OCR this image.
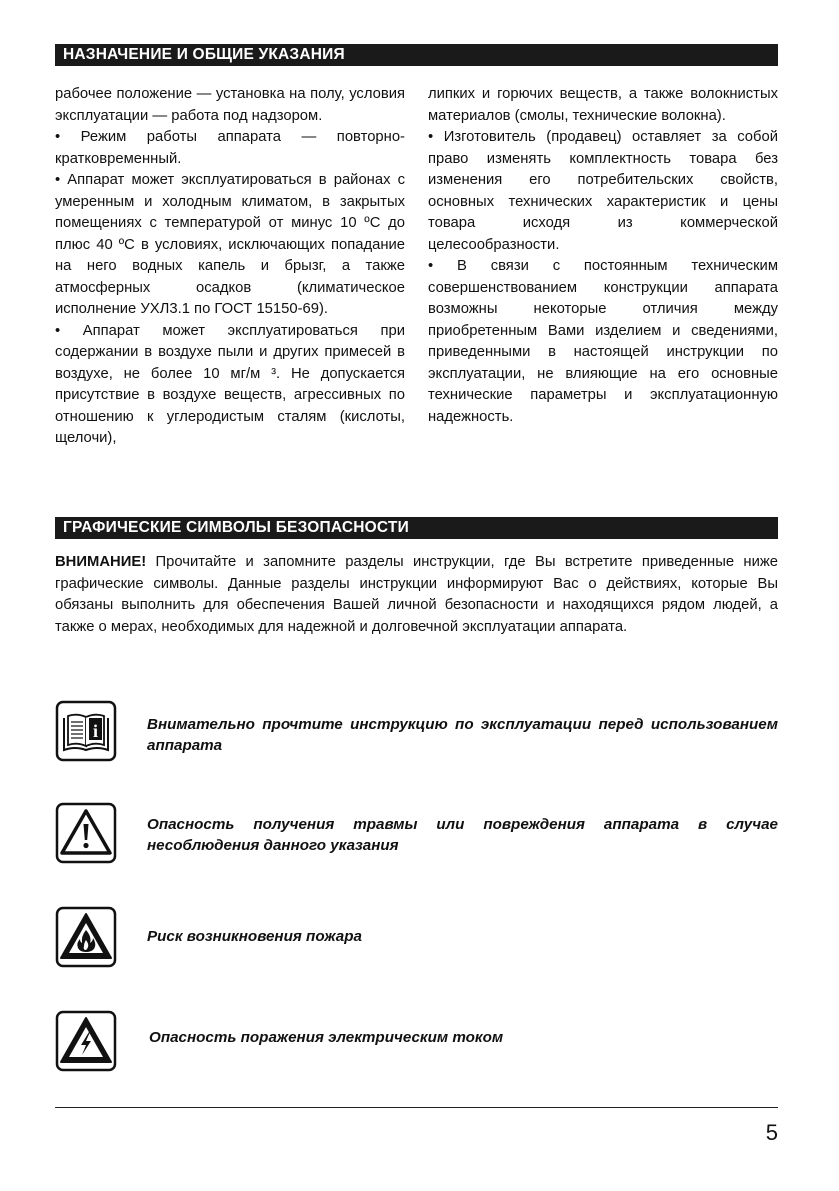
НАЗНАЧЕНИЕ И ОБЩИЕ УКАЗАНИЯ

рабочее положение — установка на полу, условия эксплуатации — работа под надзором.

• Режим работы аппарата — повторно-кратковременный.

• Аппарат может эксплуатироваться в районах с умеренным и холодным климатом, в закрытых помещениях с температурой от минус 10 ºС до плюс 40 ºС в условиях, исключающих попадание на него водных капель и брызг, а также атмосферных осадков (климатическое исполнение УХЛ3.1 по ГОСТ 15150-69).

• Аппарат может эксплуатироваться при содержании в воздухе пыли и других примесей в воздухе, не более 10 мг/м ³. Не допускается присутствие в воздухе веществ, агрессивных по отношению к углеродистым сталям (кислоты, щелочи),

липких и горючих веществ, а также волокнистых материалов (смолы, технические волокна).

• Изготовитель (продавец) оставляет за собой право изменять комплектность товара без изменения его потребительских свойств, основных технических характеристик и цены товара исходя из коммерческой целесообразности.

• В связи с постоянным техническим совершенствованием конструкции аппарата возможны некоторые отличия между приобретенным Вами изделием и сведениями, приведенными в настоящей инструкции по эксплуатации, не влияющие на его основные технические параметры и эксплуатационную надежность.

ГРАФИЧЕСКИЕ СИМВОЛЫ БЕЗОПАСНОСТИ
ВНИМАНИЕ! Прочитайте и запомните разделы инструкции, где Вы встретите приведенные ниже графические символы. Данные разделы инструкции информируют Вас о действиях, которые Вы обязаны выполнить для обеспечения Вашей личной безопасности и находящихся рядом людей, а также о мерах, необходимых для надежной и долговечной эксплуатации аппарата.
i	Внимательно прочтите инструкцию по эксплуатации перед использованием аппарата
Опасность получения травмы или повреждения аппарата в случае несоблюдения данного указания
Риск возникновения пожара
Опасность поражения электрическим током
5
